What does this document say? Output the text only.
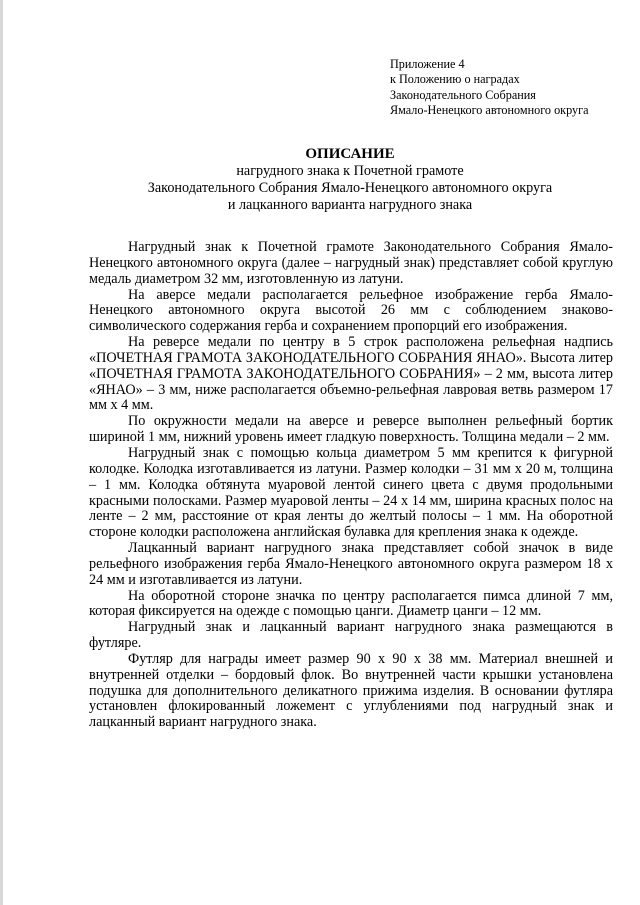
Приложение 4
к Положению о наградах
Законодательного Собрания
Ямало-Ненецкого автономного округа
ОПИСАНИЕ
нагрудного знака к Почетной грамоте
Законодательного Собрания Ямало-Ненецкого автономного округа
и лацканного варианта нагрудного знака

Нагрудный знак к Почетной грамоте Законодательного Собрания Ямало-Ненецкого автономного округа (далее – нагрудный знак) представляет собой круглую медаль диаметром 32 мм, изготовленную из латуни.

На аверсе медали располагается рельефное изображение герба Ямало-Ненецкого автономного округа высотой 26 мм с соблюдением знаково-символического содержания герба и сохранением пропорций его изображения.

На реверсе медали по центру в 5 строк расположена рельефная надпись «ПОЧЕТНАЯ ГРАМОТА ЗАКОНОДАТЕЛЬНОГО СОБРАНИЯ ЯНАО». Высота литер «ПОЧЕТНАЯ ГРАМОТА ЗАКОНОДАТЕЛЬНОГО СОБРАНИЯ» – 2 мм, высота литер «ЯНАО» – 3 мм, ниже располагается объемно-рельефная лавровая ветвь размером 17 мм х 4 мм.

По окружности медали на аверсе и реверсе выполнен рельефный бортик шириной 1 мм, нижний уровень имеет гладкую поверхность. Толщина медали – 2 мм.

Нагрудный знак с помощью кольца диаметром 5 мм крепится к фигурной колодке. Колодка изготавливается из латуни. Размер колодки – 31 мм х 20 м, толщина – 1 мм. Колодка обтянута муаровой лентой синего цвета с двумя продольными красными полосками. Размер муаровой ленты – 24 х 14 мм, ширина красных полос на ленте – 2 мм, расстояние от края ленты до желтый полосы – 1 мм. На оборотной стороне колодки расположена английская булавка для крепления знака к одежде.

Лацканный вариант нагрудного знака представляет собой значок в виде рельефного изображения герба Ямало-Ненецкого автономного округа размером 18 х 24 мм и изготавливается из латуни.

На оборотной стороне значка по центру располагается пимса длиной 7 мм, которая фиксируется на одежде с помощью цанги. Диаметр цанги – 12 мм.

Нагрудный знак и лацканный вариант нагрудного знака размещаются в футляре.

Футляр для награды имеет размер 90 х 90 х 38 мм. Материал внешней и внутренней отделки – бордовый флок. Во внутренней части крышки установлена подушка для дополнительного деликатного прижима изделия. В основании футляра установлен флокированный ложемент с углублениями под нагрудный знак и лацканный вариант нагрудного знака.
